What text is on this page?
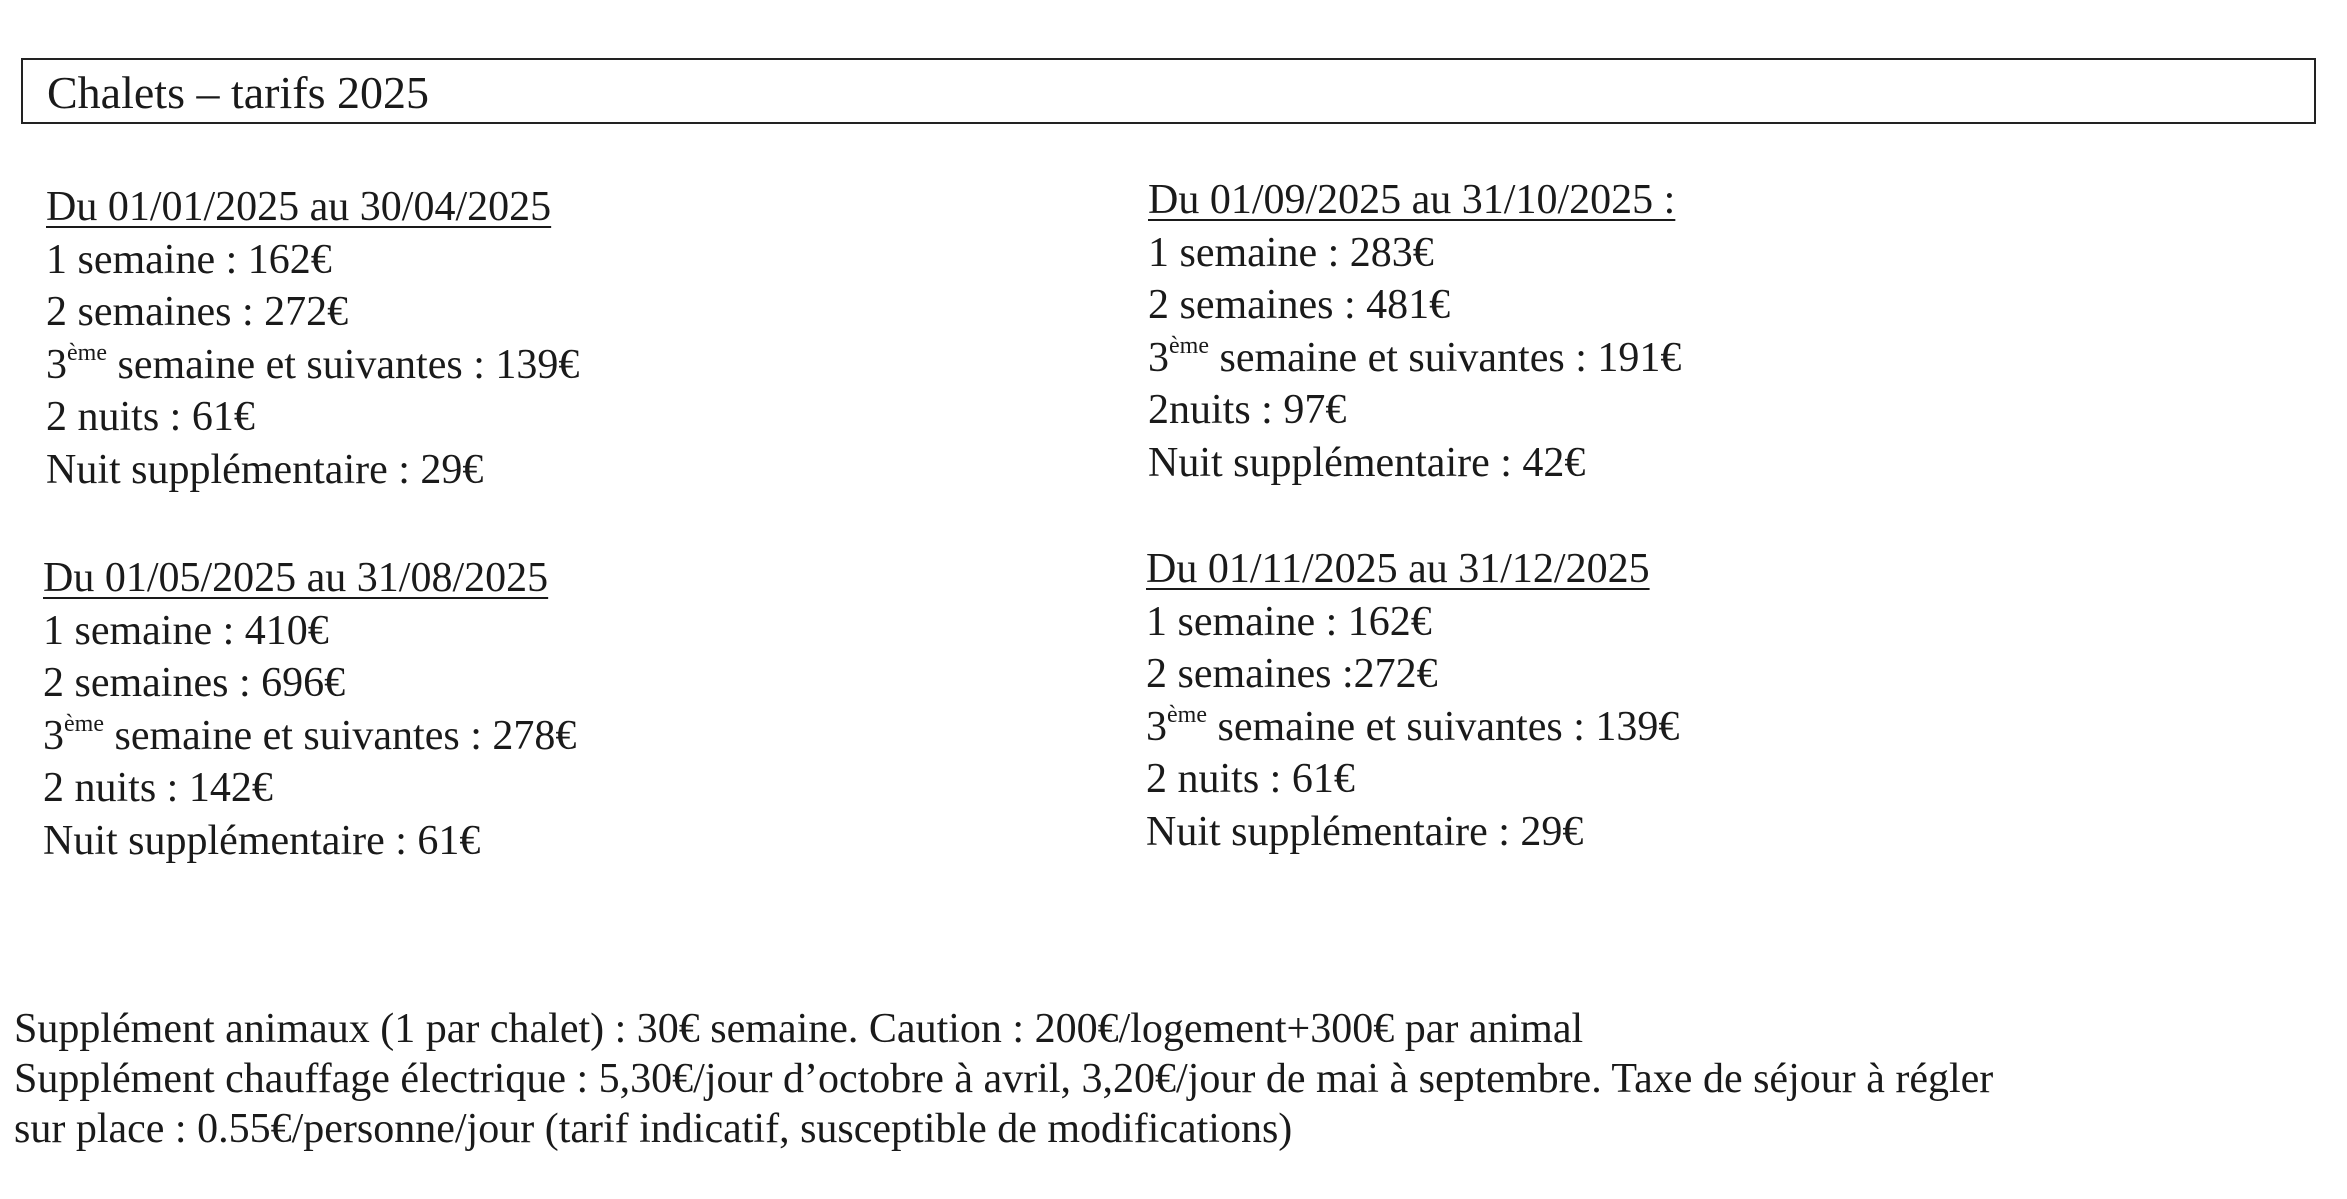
Chalets – tarifs 2025
Du 01/01/2025 au 30/04/2025
1 semaine : 162€
2 semaines : 272€
3ème semaine et suivantes : 139€
2 nuits : 61€
Nuit supplémentaire : 29€
Du 01/09/2025 au 31/10/2025 :
1 semaine : 283€
2 semaines : 481€
3ème semaine et suivantes : 191€
2nuits : 97€
Nuit supplémentaire : 42€
Du 01/05/2025 au 31/08/2025
1 semaine : 410€
2 semaines : 696€
3ème semaine et suivantes : 278€
2 nuits : 142€
Nuit supplémentaire : 61€
Du 01/11/2025 au 31/12/2025
1 semaine : 162€
2 semaines :272€
3ème semaine et suivantes : 139€
2 nuits : 61€
Nuit supplémentaire : 29€
Supplément animaux (1 par chalet) : 30€ semaine. Caution : 200€/logement+300€ par animal
Supplément chauffage électrique : 5,30€/jour d’octobre à avril, 3,20€/jour de mai à septembre. Taxe de séjour à régler
sur place : 0.55€/personne/jour (tarif indicatif, susceptible de modifications)
